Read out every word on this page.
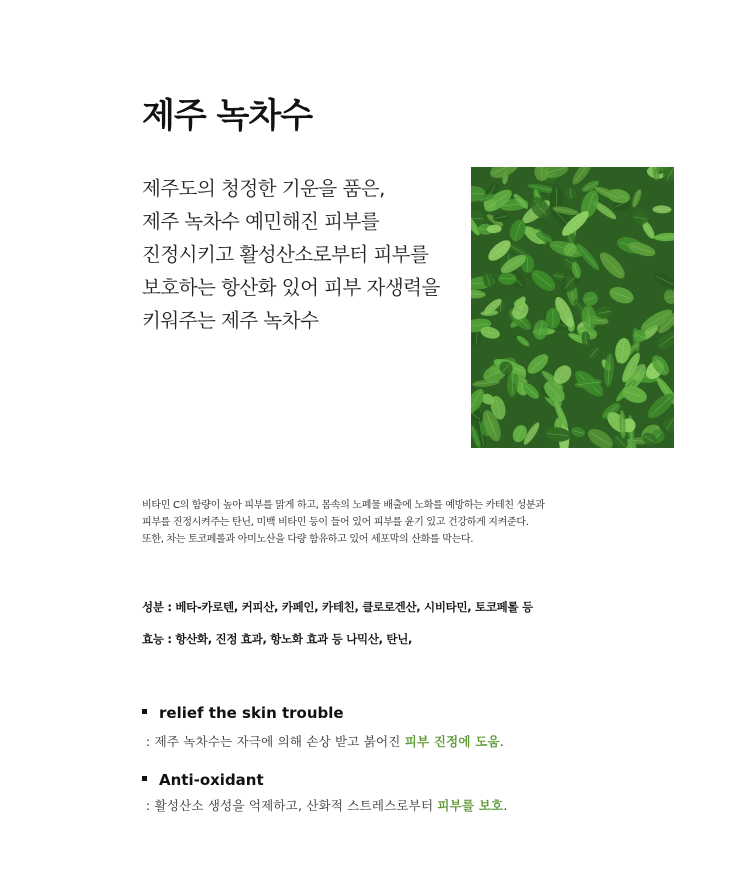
제주 녹차수
제주도의 청정한 기운을 품은,
제주 녹차수 예민해진 피부를
진정시키고 활성산소로부터 피부를
보호하는 항산화 있어 피부 자생력을
키워주는 제주 녹차수
비타민 C의 함량이 높아 피부를 맑게 하고, 몸속의 노폐물 배출에 노화를 예방하는 카테친 성분과
피부를 진정시켜주는 탄닌, 미백 비타민 등이 들어 있어 피부를 윤기 있고 건강하게 지켜준다.
또한, 차는 토코페롤과 아미노산을 다량 함유하고 있어 세포막의 산화를 막는다.
성분 : 베타-카로텐, 커피산, 카페인, 카테친, 클로로겐산, 시비타민, 토코페롤 등
효능 : 항산화, 진정 효과, 항노화 효과 등 나믹산, 탄닌,
relief the skin trouble
: 제주 녹차수는 자극에 의해 손상 받고 붉어진 피부 진정에 도움.
Anti-oxidant
: 활성산소 생성을 억제하고, 산화적 스트레스로부터 피부를 보호.
